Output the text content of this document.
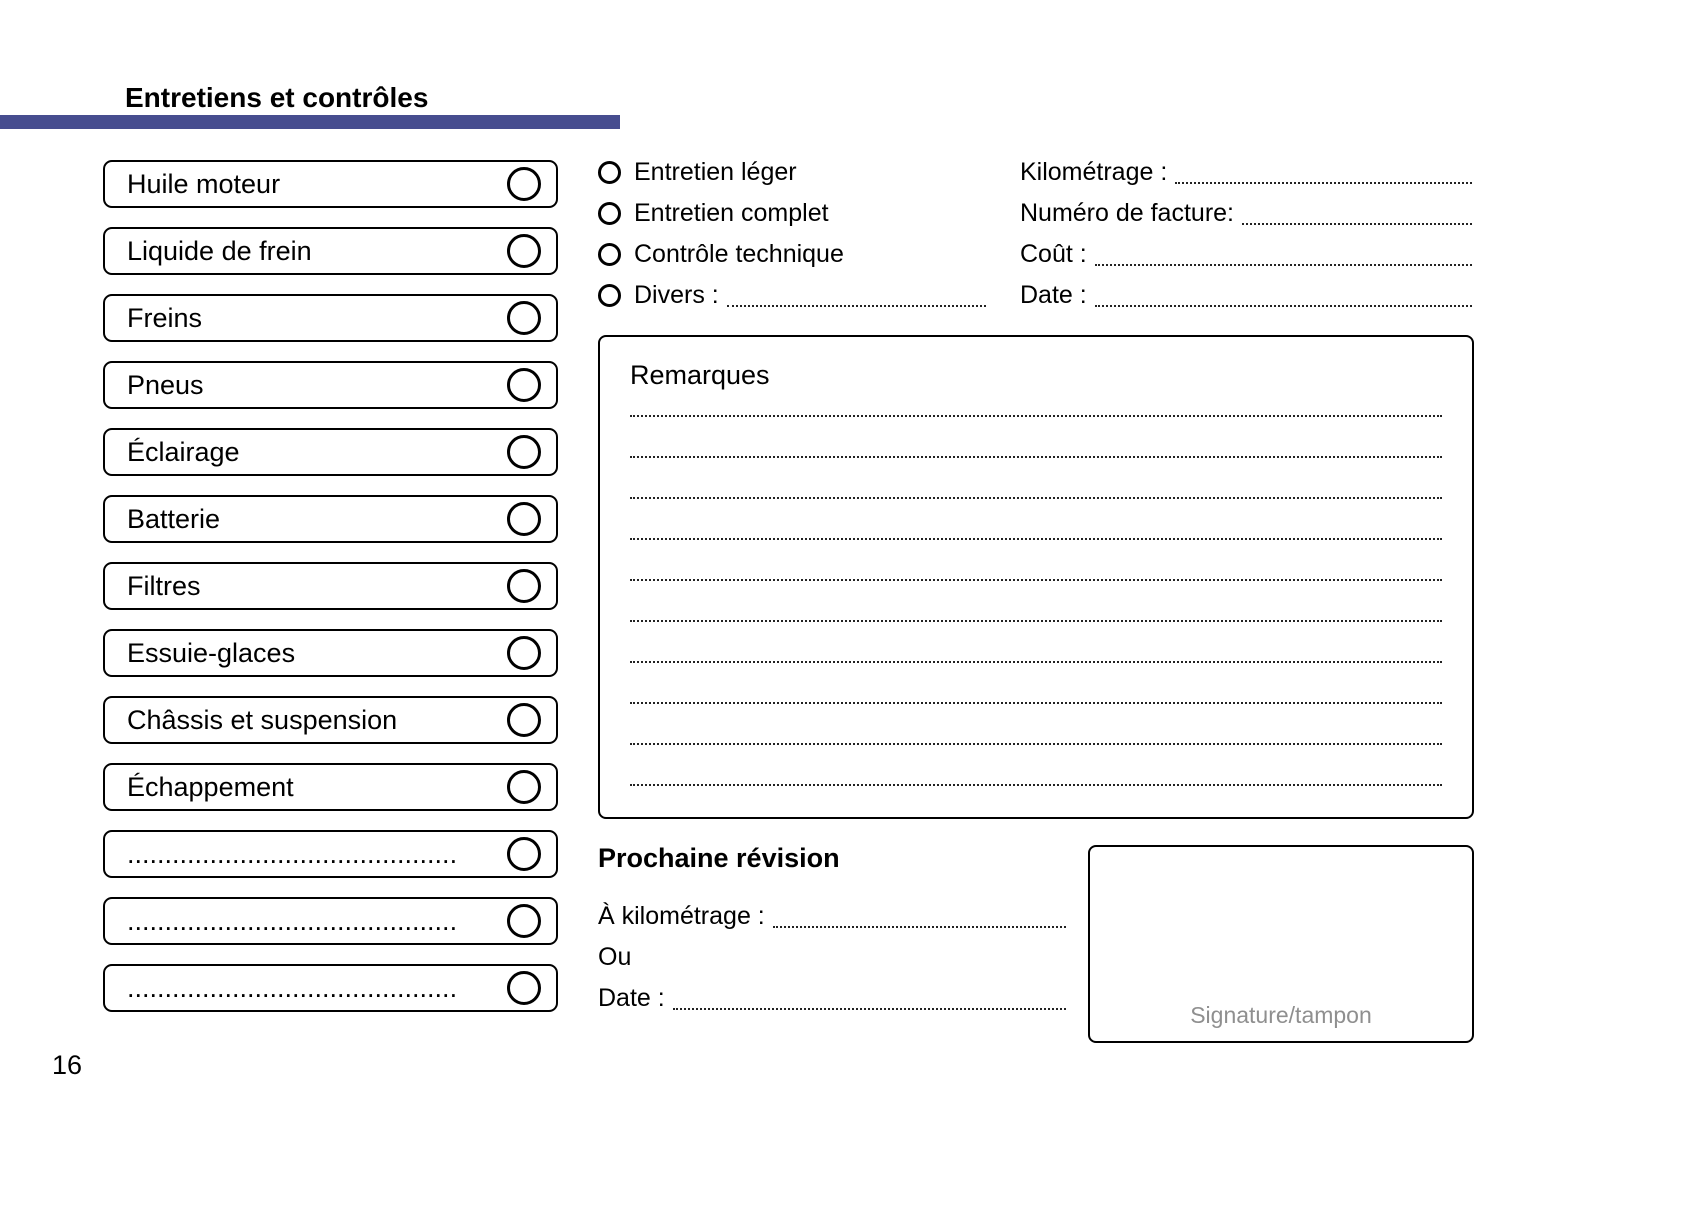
Entretiens et contrôles
Huile moteur
Liquide de frein
Freins
Pneus
Éclairage
Batterie
Filtres
Essuie-glaces
Châssis et suspension
Échappement
............................................
............................................
............................................
Entretien léger
Entretien complet
Contrôle technique
Divers :
Kilométrage :
Numéro de facture:
Coût :
Date :
Remarques
Prochaine révision
À kilométrage :
Ou
Date :
Signature/tampon
16
